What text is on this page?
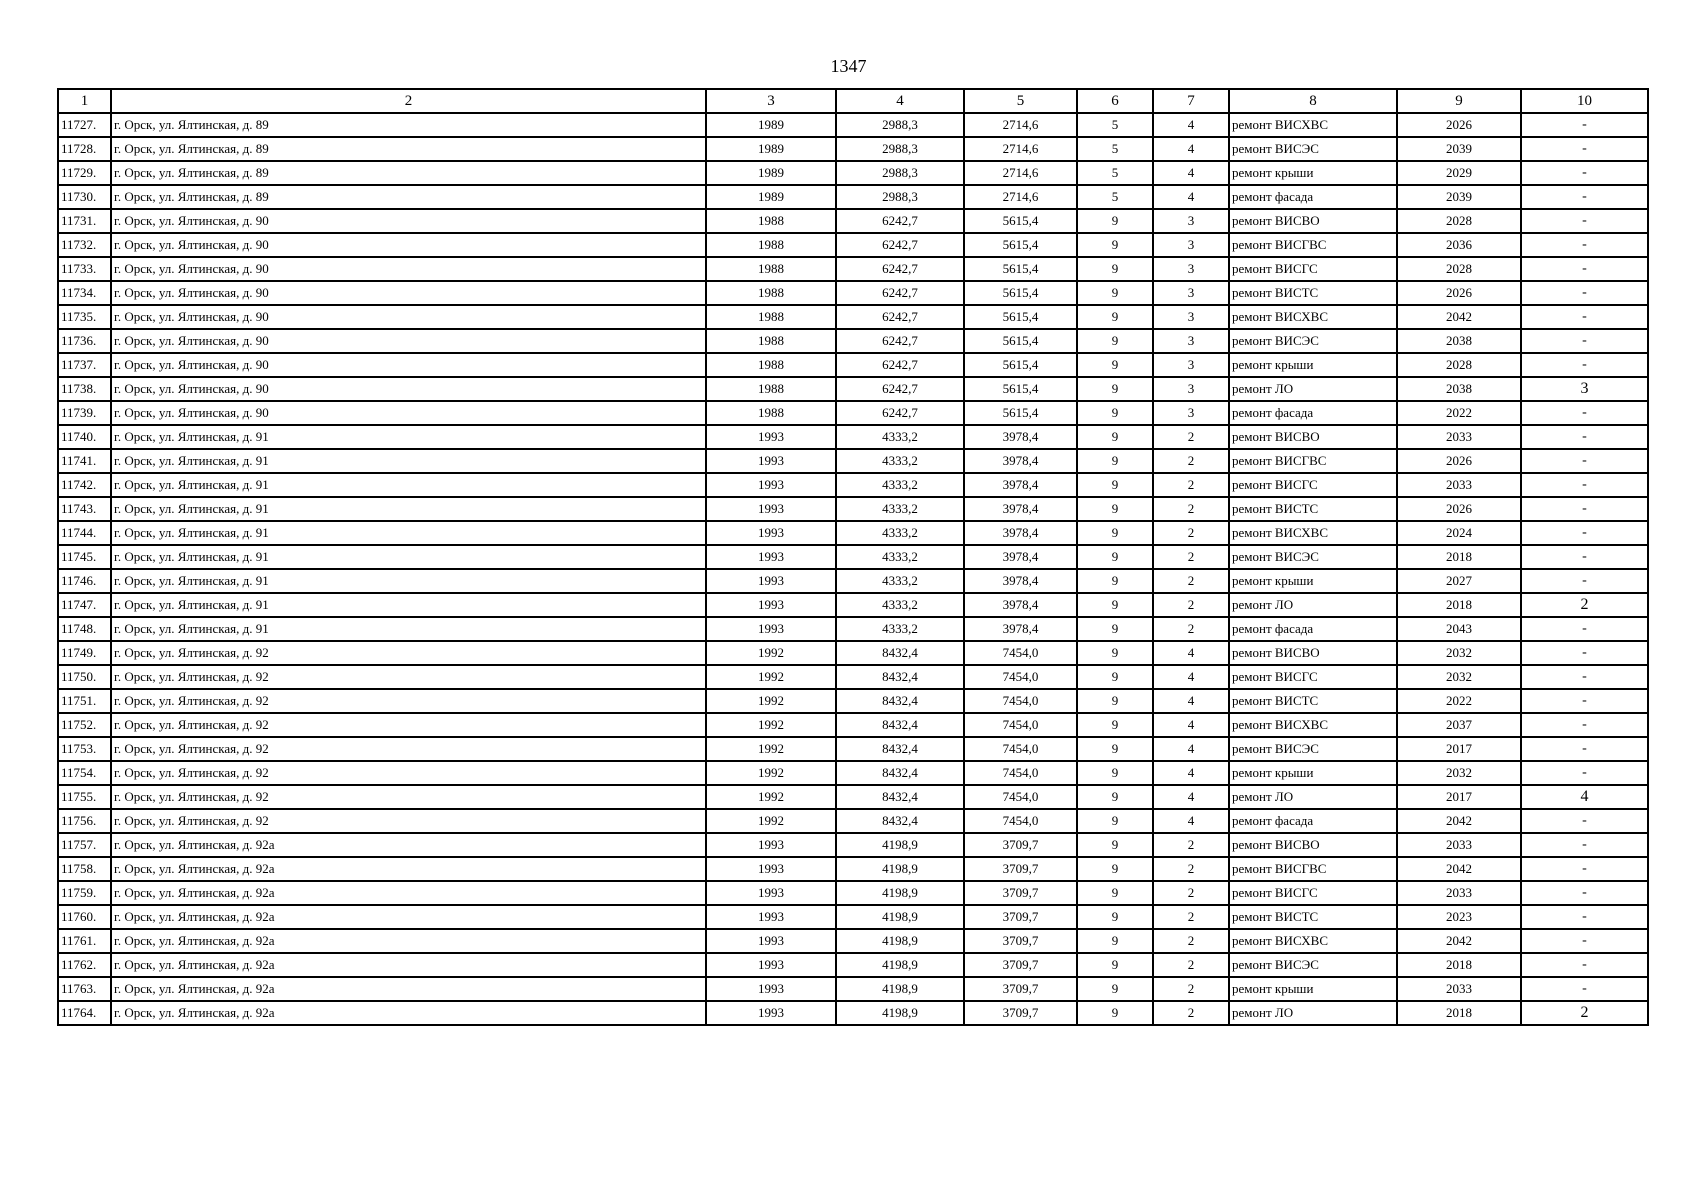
1347
1	2	3	4	5	6	7	8	9	10
11727.	г. Орск, ул. Ялтинская, д. 89	1989	2988,3	2714,6	5	4	ремонт ВИСХВС	2026	-
11728.	г. Орск, ул. Ялтинская, д. 89	1989	2988,3	2714,6	5	4	ремонт ВИСЭС	2039	-
11729.	г. Орск, ул. Ялтинская, д. 89	1989	2988,3	2714,6	5	4	ремонт крыши	2029	-
11730.	г. Орск, ул. Ялтинская, д. 89	1989	2988,3	2714,6	5	4	ремонт фасада	2039	-
11731.	г. Орск, ул. Ялтинская, д. 90	1988	6242,7	5615,4	9	3	ремонт ВИСВО	2028	-
11732.	г. Орск, ул. Ялтинская, д. 90	1988	6242,7	5615,4	9	3	ремонт ВИСГВС	2036	-
11733.	г. Орск, ул. Ялтинская, д. 90	1988	6242,7	5615,4	9	3	ремонт ВИСГС	2028	-
11734.	г. Орск, ул. Ялтинская, д. 90	1988	6242,7	5615,4	9	3	ремонт ВИСТС	2026	-
11735.	г. Орск, ул. Ялтинская, д. 90	1988	6242,7	5615,4	9	3	ремонт ВИСХВС	2042	-
11736.	г. Орск, ул. Ялтинская, д. 90	1988	6242,7	5615,4	9	3	ремонт ВИСЭС	2038	-
11737.	г. Орск, ул. Ялтинская, д. 90	1988	6242,7	5615,4	9	3	ремонт крыши	2028	-
11738.	г. Орск, ул. Ялтинская, д. 90	1988	6242,7	5615,4	9	3	ремонт ЛО	2038	3
11739.	г. Орск, ул. Ялтинская, д. 90	1988	6242,7	5615,4	9	3	ремонт фасада	2022	-
11740.	г. Орск, ул. Ялтинская, д. 91	1993	4333,2	3978,4	9	2	ремонт ВИСВО	2033	-
11741.	г. Орск, ул. Ялтинская, д. 91	1993	4333,2	3978,4	9	2	ремонт ВИСГВС	2026	-
11742.	г. Орск, ул. Ялтинская, д. 91	1993	4333,2	3978,4	9	2	ремонт ВИСГС	2033	-
11743.	г. Орск, ул. Ялтинская, д. 91	1993	4333,2	3978,4	9	2	ремонт ВИСТС	2026	-
11744.	г. Орск, ул. Ялтинская, д. 91	1993	4333,2	3978,4	9	2	ремонт ВИСХВС	2024	-
11745.	г. Орск, ул. Ялтинская, д. 91	1993	4333,2	3978,4	9	2	ремонт ВИСЭС	2018	-
11746.	г. Орск, ул. Ялтинская, д. 91	1993	4333,2	3978,4	9	2	ремонт крыши	2027	-
11747.	г. Орск, ул. Ялтинская, д. 91	1993	4333,2	3978,4	9	2	ремонт ЛО	2018	2
11748.	г. Орск, ул. Ялтинская, д. 91	1993	4333,2	3978,4	9	2	ремонт фасада	2043	-
11749.	г. Орск, ул. Ялтинская, д. 92	1992	8432,4	7454,0	9	4	ремонт ВИСВО	2032	-
11750.	г. Орск, ул. Ялтинская, д. 92	1992	8432,4	7454,0	9	4	ремонт ВИСГС	2032	-
11751.	г. Орск, ул. Ялтинская, д. 92	1992	8432,4	7454,0	9	4	ремонт ВИСТС	2022	-
11752.	г. Орск, ул. Ялтинская, д. 92	1992	8432,4	7454,0	9	4	ремонт ВИСХВС	2037	-
11753.	г. Орск, ул. Ялтинская, д. 92	1992	8432,4	7454,0	9	4	ремонт ВИСЭС	2017	-
11754.	г. Орск, ул. Ялтинская, д. 92	1992	8432,4	7454,0	9	4	ремонт крыши	2032	-
11755.	г. Орск, ул. Ялтинская, д. 92	1992	8432,4	7454,0	9	4	ремонт ЛО	2017	4
11756.	г. Орск, ул. Ялтинская, д. 92	1992	8432,4	7454,0	9	4	ремонт фасада	2042	-
11757.	г. Орск, ул. Ялтинская, д. 92а	1993	4198,9	3709,7	9	2	ремонт ВИСВО	2033	-
11758.	г. Орск, ул. Ялтинская, д. 92а	1993	4198,9	3709,7	9	2	ремонт ВИСГВС	2042	-
11759.	г. Орск, ул. Ялтинская, д. 92а	1993	4198,9	3709,7	9	2	ремонт ВИСГС	2033	-
11760.	г. Орск, ул. Ялтинская, д. 92а	1993	4198,9	3709,7	9	2	ремонт ВИСТС	2023	-
11761.	г. Орск, ул. Ялтинская, д. 92а	1993	4198,9	3709,7	9	2	ремонт ВИСХВС	2042	-
11762.	г. Орск, ул. Ялтинская, д. 92а	1993	4198,9	3709,7	9	2	ремонт ВИСЭС	2018	-
11763.	г. Орск, ул. Ялтинская, д. 92а	1993	4198,9	3709,7	9	2	ремонт крыши	2033	-
11764.	г. Орск, ул. Ялтинская, д. 92а	1993	4198,9	3709,7	9	2	ремонт ЛО	2018	2
